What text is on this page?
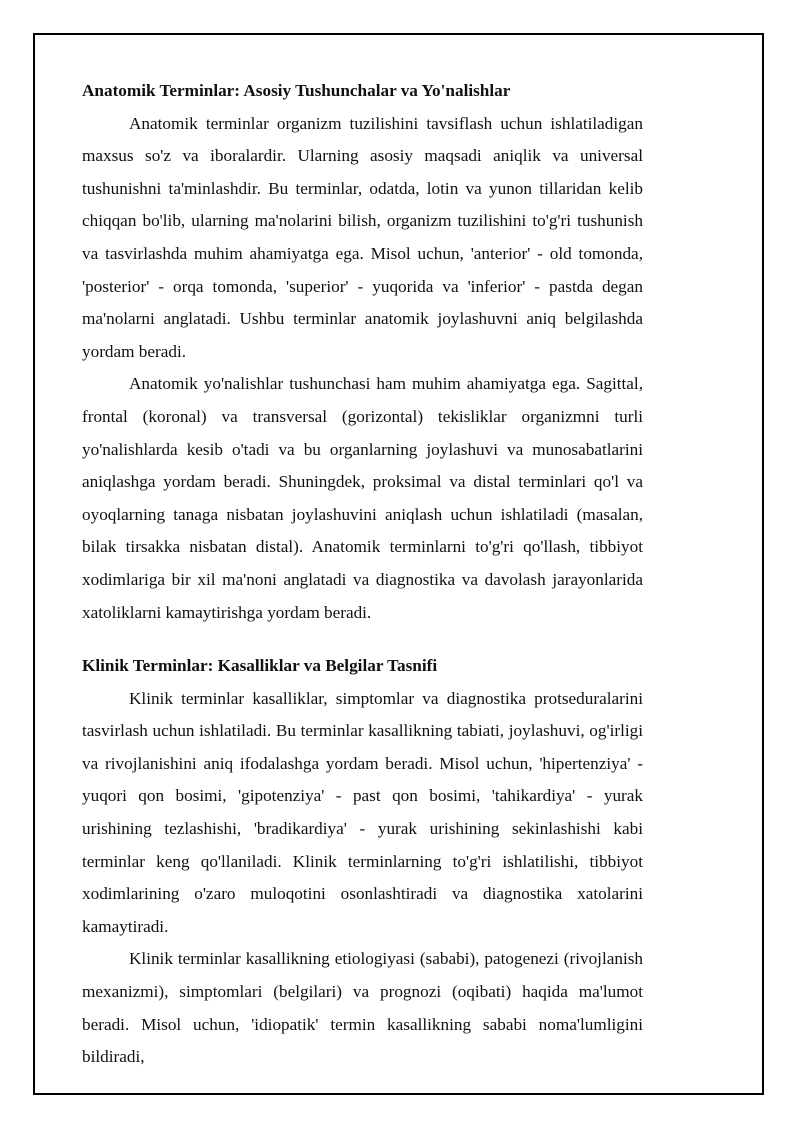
Anatomik Terminlar: Asosiy Tushunchalar va Yo'nalishlar

Anatomik terminlar organizm tuzilishini tavsiflash uchun ishlatiladigan maxsus so'z va iboralardir. Ularning asosiy maqsadi aniqlik va universal tushunishni ta'minlashdir. Bu terminlar, odatda, lotin va yunon tillaridan kelib chiqqan bo'lib, ularning ma'nolarini bilish, organizm tuzilishini to'g'ri tushunish va tasvirlashda muhim ahamiyatga ega. Misol uchun, 'anterior' - old tomonda, 'posterior' - orqa tomonda, 'superior' - yuqorida va 'inferior' - pastda degan ma'nolarni anglatadi. Ushbu terminlar anatomik joylashuvni aniq belgilashda yordam beradi.

Anatomik yo'nalishlar tushunchasi ham muhim ahamiyatga ega. Sagittal, frontal (koronal) va transversal (gorizontal) tekisliklar organizmni turli yo'nalishlarda kesib o'tadi va bu organlarning joylashuvi va munosabatlarini aniqlashga yordam beradi. Shuningdek, proksimal va distal terminlari qo'l va oyoqlarning tanaga nisbatan joylashuvini aniqlash uchun ishlatiladi (masalan, bilak tirsakka nisbatan distal). Anatomik terminlarni to'g'ri qo'llash, tibbiyot xodimlariga bir xil ma'noni anglatadi va diagnostika va davolash jarayonlarida xatoliklarni kamaytirishga yordam beradi.

Klinik Terminlar: Kasalliklar va Belgilar Tasnifi

Klinik terminlar kasalliklar, simptomlar va diagnostika protseduralarini tasvirlash uchun ishlatiladi. Bu terminlar kasallikning tabiati, joylashuvi, og'irligi va rivojlanishini aniq ifodalashga yordam beradi. Misol uchun, 'hipertenziya' - yuqori qon bosimi, 'gipotenziya' - past qon bosimi, 'tahikardiya' - yurak urishining tezlashishi, 'bradikardiya' - yurak urishining sekinlashishi kabi terminlar keng qo'llaniladi. Klinik terminlarning to'g'ri ishlatilishi, tibbiyot xodimlarining o'zaro muloqotini osonlashtiradi va diagnostika xatolarini kamaytiradi.

Klinik terminlar kasallikning etiologiyasi (sababi), patogenezi (rivojlanish mexanizmi), simptomlari (belgilari) va prognozi (oqibati) haqida ma'lumot beradi. Misol uchun, 'idiopatik' termin kasallikning sababi noma'lumligini bildiradi,
